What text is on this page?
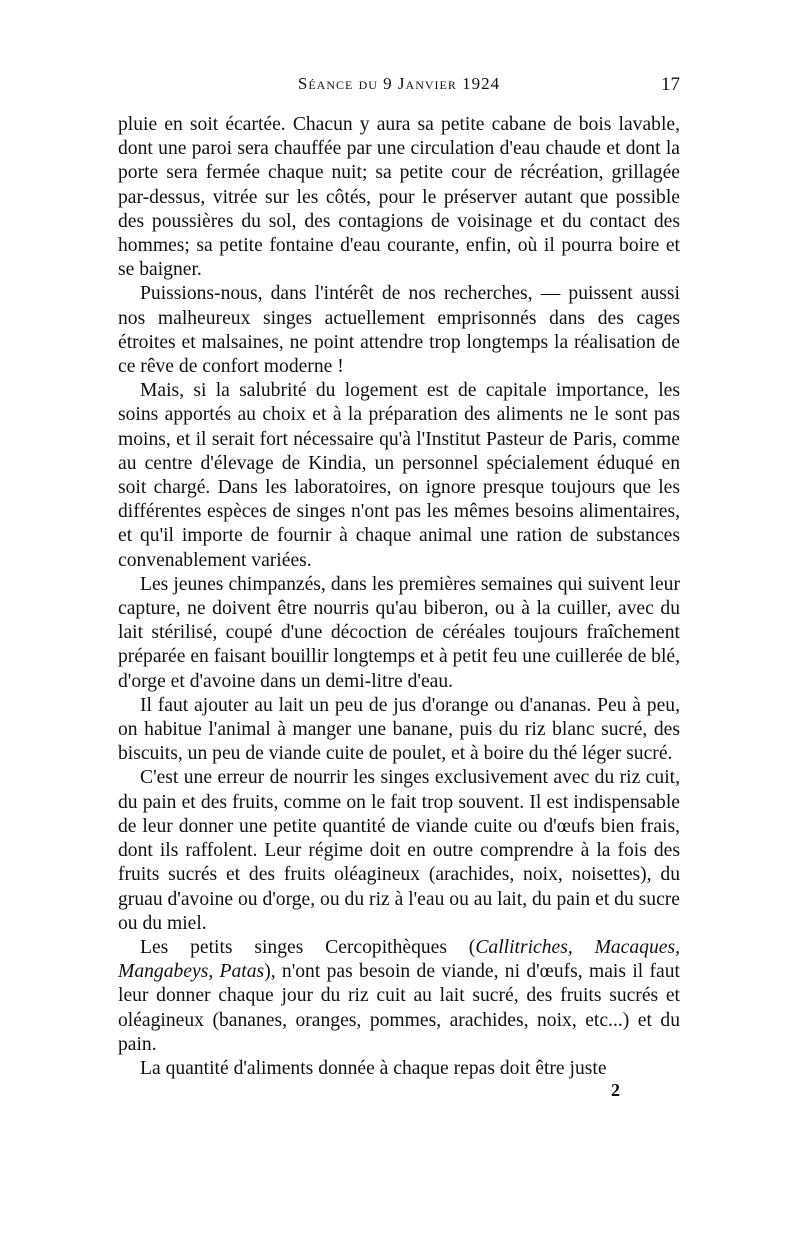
Séance du 9 Janvier 1924	17

pluie en soit écartée. Chacun y aura sa petite cabane de bois lavable, dont une paroi sera chauffée par une circulation d'eau chaude et dont la porte sera fermée chaque nuit; sa petite cour de récréation, grillagée par-dessus, vitrée sur les côtés, pour le préserver autant que possible des poussières du sol, des contagions de voisinage et du contact des hommes; sa petite fontaine d'eau courante, enfin, où il pourra boire et se baigner.

Puissions-nous, dans l'intérêt de nos recherches, — puissent aussi nos malheureux singes actuellement emprisonnés dans des cages étroites et malsaines, ne point attendre trop longtemps la réalisation de ce rêve de confort moderne !

Mais, si la salubrité du logement est de capitale importance, les soins apportés au choix et à la préparation des aliments ne le sont pas moins, et il serait fort nécessaire qu'à l'Institut Pasteur de Paris, comme au centre d'élevage de Kindia, un personnel spécialement éduqué en soit chargé. Dans les laboratoires, on ignore presque toujours que les différentes espèces de singes n'ont pas les mêmes besoins alimentaires, et qu'il importe de fournir à chaque animal une ration de substances convenablement variées.

Les jeunes chimpanzés, dans les premières semaines qui suivent leur capture, ne doivent être nourris qu'au biberon, ou à la cuiller, avec du lait stérilisé, coupé d'une décoction de céréales toujours fraîchement préparée en faisant bouillir longtemps et à petit feu une cuillerée de blé, d'orge et d'avoine dans un demi-litre d'eau.

Il faut ajouter au lait un peu de jus d'orange ou d'ananas. Peu à peu, on habitue l'animal à manger une banane, puis du riz blanc sucré, des biscuits, un peu de viande cuite de poulet, et à boire du thé léger sucré.

C'est une erreur de nourrir les singes exclusivement avec du riz cuit, du pain et des fruits, comme on le fait trop souvent. Il est indispensable de leur donner une petite quantité de viande cuite ou d'œufs bien frais, dont ils raffolent. Leur régime doit en outre comprendre à la fois des fruits sucrés et des fruits oléagineux (arachides, noix, noisettes), du gruau d'avoine ou d'orge, ou du riz à l'eau ou au lait, du pain et du sucre ou du miel.

Les petits singes Cercopithèques (Callitriches, Macaques, Mangabeys, Patas), n'ont pas besoin de viande, ni d'œufs, mais il faut leur donner chaque jour du riz cuit au lait sucré, des fruits sucrés et oléagineux (bananes, oranges, pommes, arachides, noix, etc...) et du pain.

La quantité d'aliments donnée à chaque repas doit être juste

2
